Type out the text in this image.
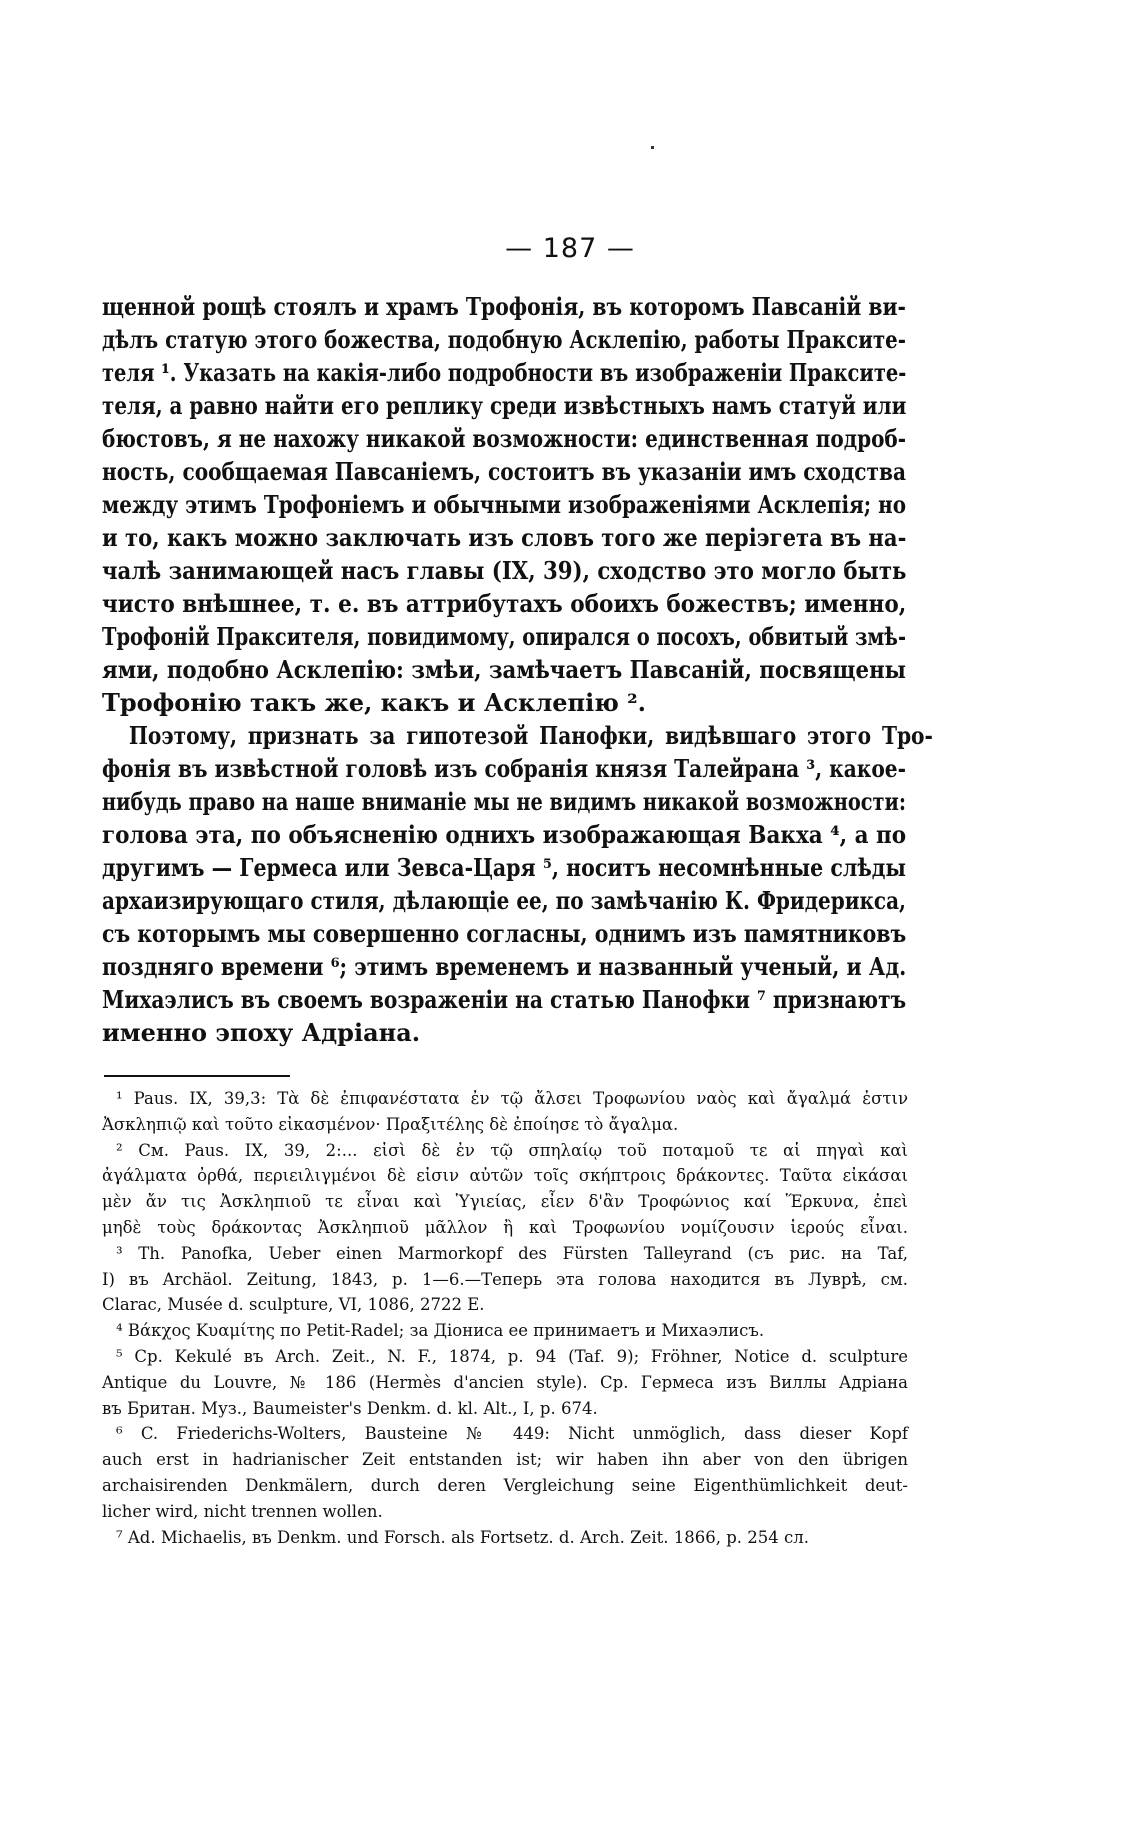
— 187 —
щенной рощѣ стоялъ и храмъ Трофонія, въ которомъ Павсаній ви-
дѣлъ статую этого божества, подобную Асклепію, работы Праксите-
теля ¹. Указать на какія-либо подробности въ изображеніи Праксите-
теля, а равно найти его реплику среди извѣстныхъ намъ статуй или
бюстовъ, я не нахожу никакой возможности: единственная подроб-
ность, сообщаемая Павсаніемъ, состоитъ въ указаніи имъ сходства
между этимъ Трофоніемъ и обычными изображеніями Асклепія; но
и то, какъ можно заключать изъ словъ того же періэгета въ на-
чалѣ занимающей насъ главы (IX, 39), сходство это могло быть
чисто внѣшнее, т. е. въ аттрибутахъ обоихъ божествъ; именно,
Трофоній Праксителя, повидимому, опирался о посохъ, обвитый змѣ-
ями, подобно Асклепію: змѣи, замѣчаетъ Павсаній, посвящены
Трофонію такъ же, какъ и Асклепію ².
Поэтому, признать за гипотезой Панофки, видѣвшаго этого Тро-
фонія въ извѣстной головѣ изъ собранія князя Талейрана ³, какое-
нибудь право на наше вниманіе мы не видимъ никакой возможности:
голова эта, по объясненію однихъ изображающая Вакха ⁴, а по
другимъ — Гермеса или Зевса-Царя ⁵, носитъ несомнѣнные слѣды
архаизирующаго стиля, дѣлающіе ее, по замѣчанію К. Фридерикса,
съ которымъ мы совершенно согласны, однимъ изъ памятниковъ
поздняго времени ⁶; этимъ временемъ и названный ученый, и Ад.
Михаэлисъ въ своемъ возраженіи на статью Панофки ⁷ признаютъ
именно эпоху Адріана.
¹ Paus. IX, 39,3: Τὰ δὲ ἐπιφανέστατα ἐν τῷ ἄλσει Τροφωνίου ναὸς καὶ ἄγαλμά ἐστιν
Ἀσκληπιῷ καὶ τοῦτο εἰκασμένον· Πραξιτέλης δὲ ἐποίησε τὸ ἄγαλμα.
² См. Paus. IX, 39, 2:... εἰσὶ δὲ ἐν τῷ σπηλαίῳ τοῦ ποταμοῦ τε αἱ πηγαὶ καὶ
ἀγάλματα ὀρθά, περιειλιγμένοι δὲ εἰσιν αὐτῶν τοῖς σκήπτροις δράκοντες. Ταῦτα εἰκάσαι
μὲν ἄν τις Ἀσκληπιοῦ τε εἶναι καὶ Ὑγιείας, εἶεν δ'ἂν Τροφώνιος καί Ἕρκυνα, ἐπεὶ
μηδὲ τοὺς δράκοντας Ἀσκληπιοῦ μᾶλλον ἢ καὶ Τροφωνίου νομίζουσιν ἱερούς εἶναι.
³ Th. Panofka, Ueber einen Marmorkopf des Fürsten Talleyrand (съ рис. на Taf,
I) въ Archäol. Zeitung, 1843, p. 1—6.—Теперь эта голова находится въ Луврѣ, см.
Clarac, Musée d. sculpture, VI, 1086, 2722 E.
⁴ Βάκχος Κυαμίτης по Petit-Radel; за Діониса ее принимаетъ и Михаэлисъ.
⁵ Ср. Kekulé въ Arch. Zeit., N. F., 1874, p. 94 (Taf. 9); Fröhner, Notice d. sculpture
Antique du Louvre, № 186 (Hermès d'ancien style). Ср. Гермеса изъ Виллы Адріана
въ Британ. Муз., Baumeister's Denkm. d. kl. Alt., I, p. 674.
⁶ C. Friederichs-Wolters, Bausteine № 449: Nicht unmöglich, dass dieser Kopf
auch erst in hadrianischer Zeit entstanden ist; wir haben ihn aber von den übrigen
archaisirenden Denkmälern, durch deren Vergleichung seine Eigenthümlichkeit deut-
licher wird, nicht trennen wollen.
⁷ Ad. Michaelis, въ Denkm. und Forsch. als Fortsetz. d. Arch. Zeit. 1866, p. 254 сл.
